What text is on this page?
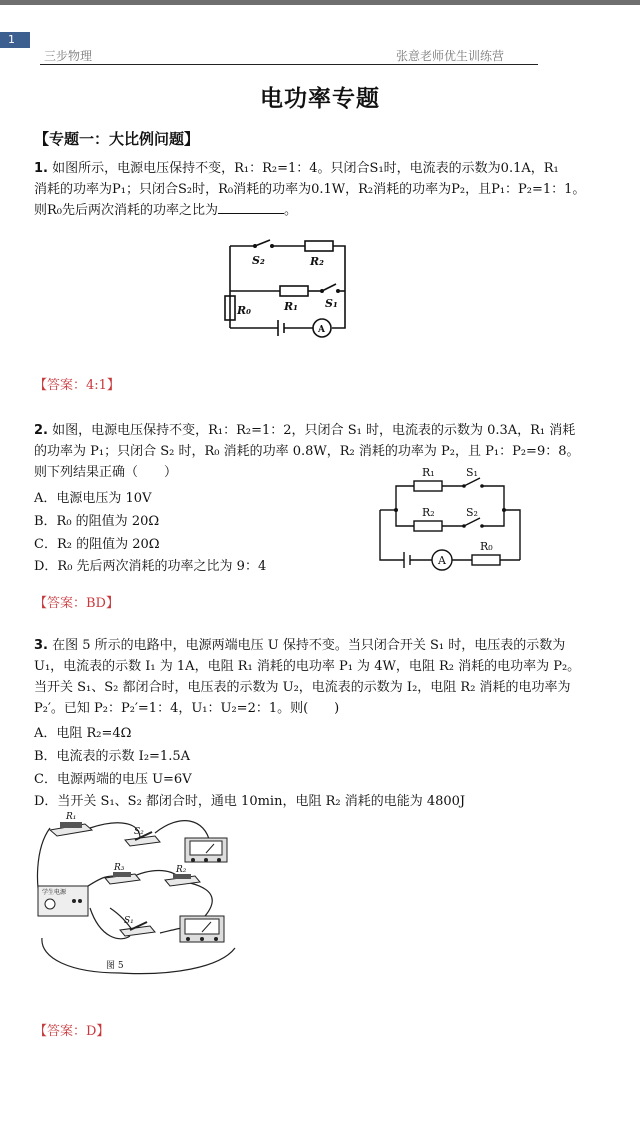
1
三步物理	张意老师优生训练营
电功率专题
【专题一：大比例问题】
1. 如图所示，电源电压保持不变，R₁：R₂=1：4。只闭合S₁时，电流表的示数为0.1A，R₁
消耗的功率为P₁；只闭合S₂时，R₀消耗的功率为0.1W，R₂消耗的功率为P₂，且P₁：P₂=1：1。
则R₀先后两次消耗的功率之比为	。
S₂	R₂
R₁ S₁
R₀
A
【答案：4:1】
2. 如图，电源电压保持不变，R₁：R₂=1：2，只闭合 S₁ 时，电流表的示数为 0.3A，R₁ 消耗
的功率为 P₁；只闭合 S₂ 时，R₀ 消耗的功率 0.8W，R₂ 消耗的功率为 P₂，且 P₁：P₂=9：8。
则下列结果正确（　　）
A．电源电压为 10V
B．R₀ 的阻值为 20Ω
C．R₂ 的阻值为 20Ω
D．R₀ 先后两次消耗的功率之比为 9：4
R₁	S₁
R₂	S₂
A
R₀
【答案：BD】
3. 在图 5 所示的电路中，电源两端电压 U 保持不变。当只闭合开关 S₁ 时，电压表的示数为
U₁，电流表的示数 I₁ 为 1A，电阻 R₁ 消耗的电功率 P₁ 为 4W，电阻 R₂ 消耗的电功率为 P₂。
当开关 S₁、S₂ 都闭合时，电压表的示数为 U₂，电流表的示数为 I₂，电阻 R₂ 消耗的电功率为
P₂′。已知 P₂：P₂′=1：4，U₁：U₂=2：1。则(　　)
A．电阻 R₂=4Ω
B．电流表的示数 I₂=1.5A
C．电源两端的电压 U=6V
D．当开关 S₁、S₂ 都闭合时，通电 10min，电阻 R₂ 消耗的电能为 4800J
学生电源
R₁
S₂
R₃	R₂
S₁
图 5
【答案：D】
